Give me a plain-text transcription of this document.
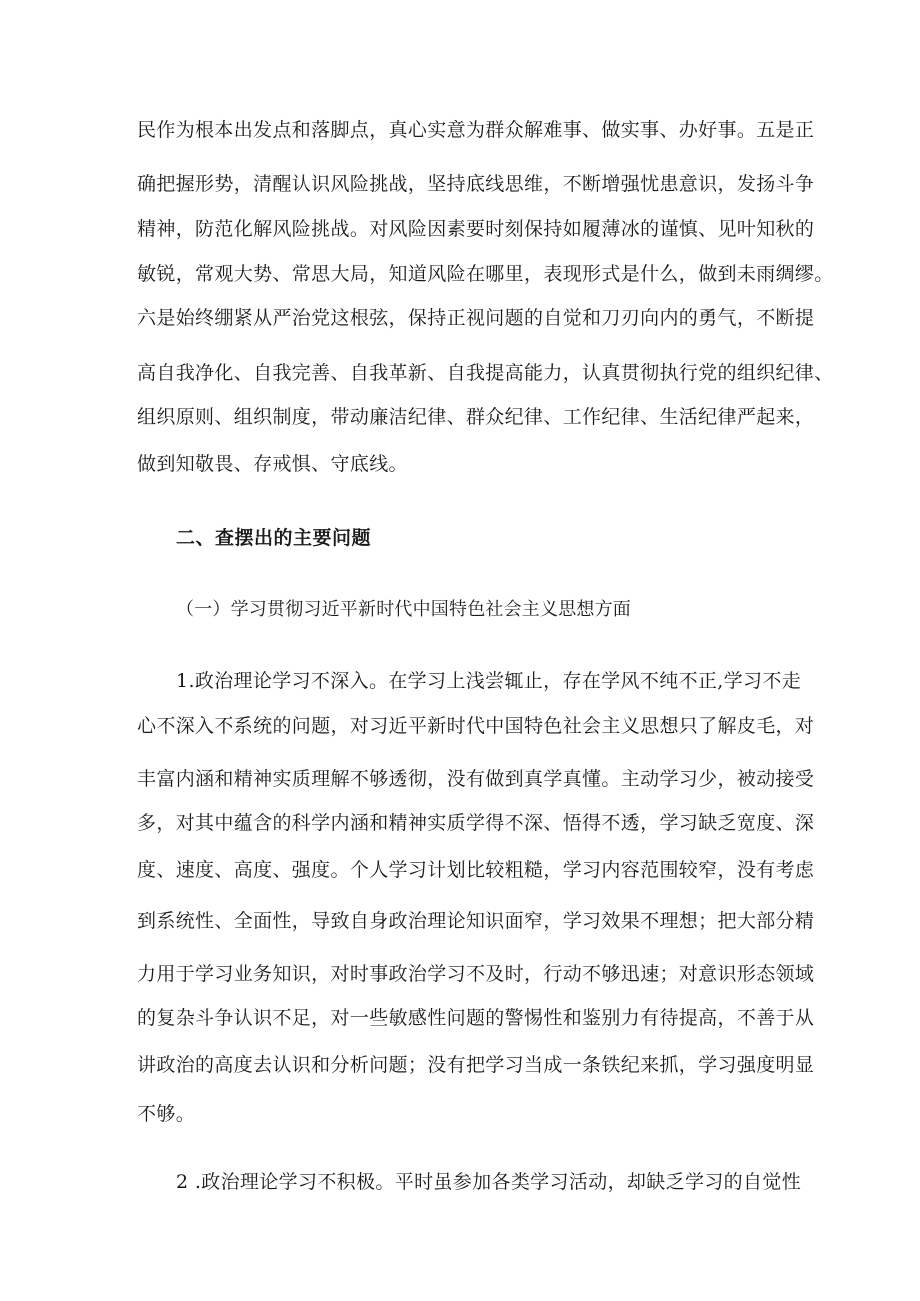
民作为根本出发点和落脚点，真心实意为群众解难事、做实事、办好事。五是正
确把握形势，清醒认识风险挑战，坚持底线思维，不断增强忧患意识，发扬斗争
精神，防范化解风险挑战。对风险因素要时刻保持如履薄冰的谨慎、见叶知秋的
敏锐，常观大势、常思大局，知道风险在哪里，表现形式是什么，做到未雨绸缪。
六是始终绷紧从严治党这根弦，保持正视问题的自觉和刀刃向内的勇气，不断提
高自我净化、自我完善、自我革新、自我提高能力，认真贯彻执行党的组织纪律、
组织原则、组织制度，带动廉洁纪律、群众纪律、工作纪律、生活纪律严起来，
做到知敬畏、存戒惧、守底线。
二、查摆出的主要问题
（一）学习贯彻习近平新时代中国特色社会主义思想方面
1.政治理论学习不深入。在学习上浅尝辄止，存在学风不纯不正,学习不走
心不深入不系统的问题，对习近平新时代中国特色社会主义思想只了解皮毛，对
丰富内涵和精神实质理解不够透彻，没有做到真学真懂。主动学习少，被动接受
多，对其中蕴含的科学内涵和精神实质学得不深、悟得不透，学习缺乏宽度、深
度、速度、高度、强度。个人学习计划比较粗糙，学习内容范围较窄，没有考虑
到系统性、全面性，导致自身政治理论知识面窄，学习效果不理想；把大部分精
力用于学习业务知识，对时事政治学习不及时，行动不够迅速；对意识形态领域
的复杂斗争认识不足，对一些敏感性问题的警惕性和鉴别力有待提高，不善于从
讲政治的高度去认识和分析问题；没有把学习当成一条铁纪来抓，学习强度明显
不够。
2 .政治理论学习不积极。平时虽参加各类学习活动，却缺乏学习的自觉性
